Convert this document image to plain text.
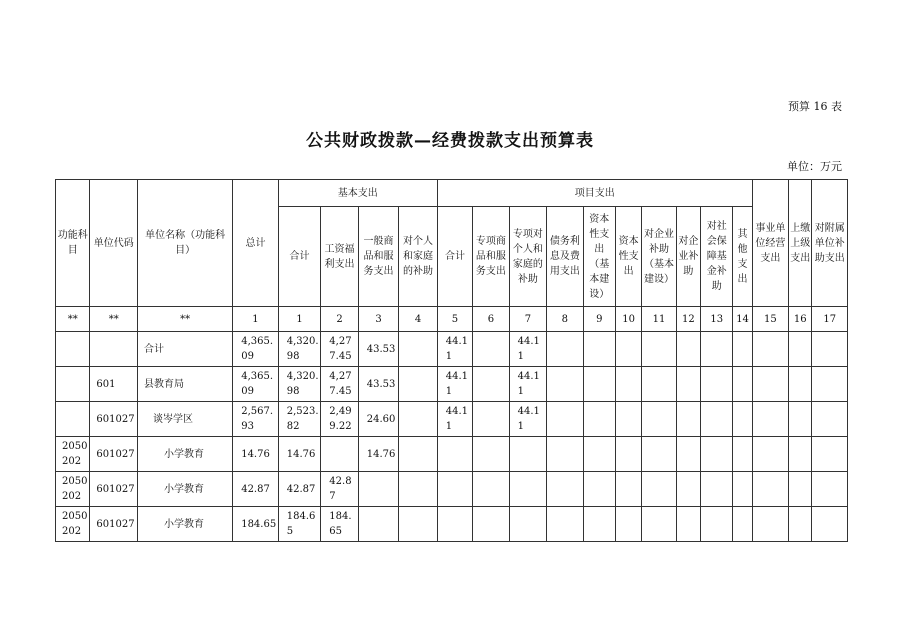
预算 16 表
公共财政拨款—经费拨款支出预算表
单位：万元
功能科目	单位代码	单位名称（功能科目）	总计	基本支出				项目支出										事业单位经营支出	上缴上级支出	对附属单位补助支出
				合计	工资福利支出	一般商品和服务支出	对个人和家庭的补助	合计	专项商品和服务支出	专项对个人和家庭的补助	债务利息及费用支出	资本性支出（基本建设）	资本性支出	对企业补助（基本建设）	对企业补助	对社会保障基金补助	其他支出			
**	**	**	1	1	2	3	4	5	6	7	8	9	10	11	12	13	14	15	16	17
		合计	4,365.09	4,320.98	4,277.45	43.53		44.11		44.11										
	601	县教育局	4,365.09	4,320.98	4,277.45	43.53		44.11		44.11										
	601027	谈岑学区	2,567.93	2,523.82	2,499.22	24.60		44.11		44.11										
2050202	601027	小学教育	14.76	14.76		14.76														
2050202	601027	小学教育	42.87	42.87	42.87															
2050202	601027	小学教育	184.65	184.65	184.65															
